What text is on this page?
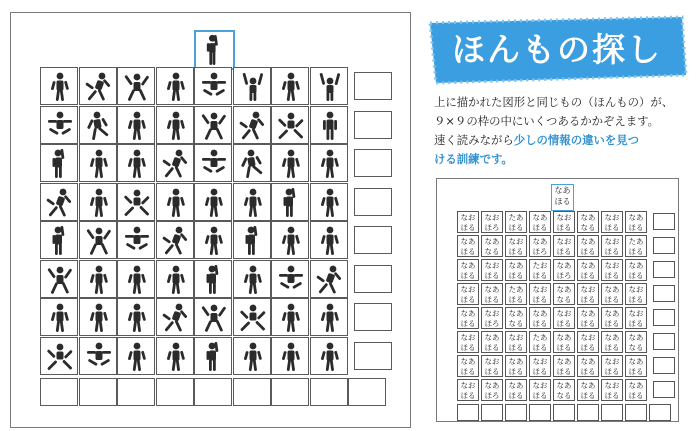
ほんもの探し
上に描かれた図形と同じもの（ほんもの）が、
９×９の枠の中にいくつあるかかぞえます。
速く読みながら少しの情報の違いを見つ
ける訓練です。
なあ
ほる
なお
ほる
なお
ほろ
たあ
ほる
なあ
ほる
なお
ほる
なあ
なる
なお
ほる
なあ
ほる
なあ
ほる
なあ
なる
なお
ほる
なあ
ほろ
なお
ほる
なあ
ほる
なお
ほる
たあ
ほる
なあ
ほる
なお
ほる
なあ
ほる
たお
ほる
なあ
ほろ
なあ
ほる
なお
ほる
なあ
ほる
なお
ほる
なあ
ほる
たあ
ほる
なお
ほる
なあ
なる
なお
ほる
なあ
ほる
なお
ほる
なあ
ほる
なお
ほろ
なあ
なる
なあ
ほる
なお
ほる
なあ
ほる
なあ
ほる
なお
ほる
なお
ほる
なあ
ほる
なお
ほる
たあ
ほる
なあ
ほる
なお
ほる
なあ
ほる
なあ
なる
なあ
ほる
なお
ほる
なあ
ほる
なお
ほる
なあ
ほる
なあ
ほる
なお
ほる
なあ
ほる
なお
ほる
なあ
ほろ
なあ
ほる
なお
ほる
なあ
なる
なあ
ほる
なお
ほる
なあ
ほる
